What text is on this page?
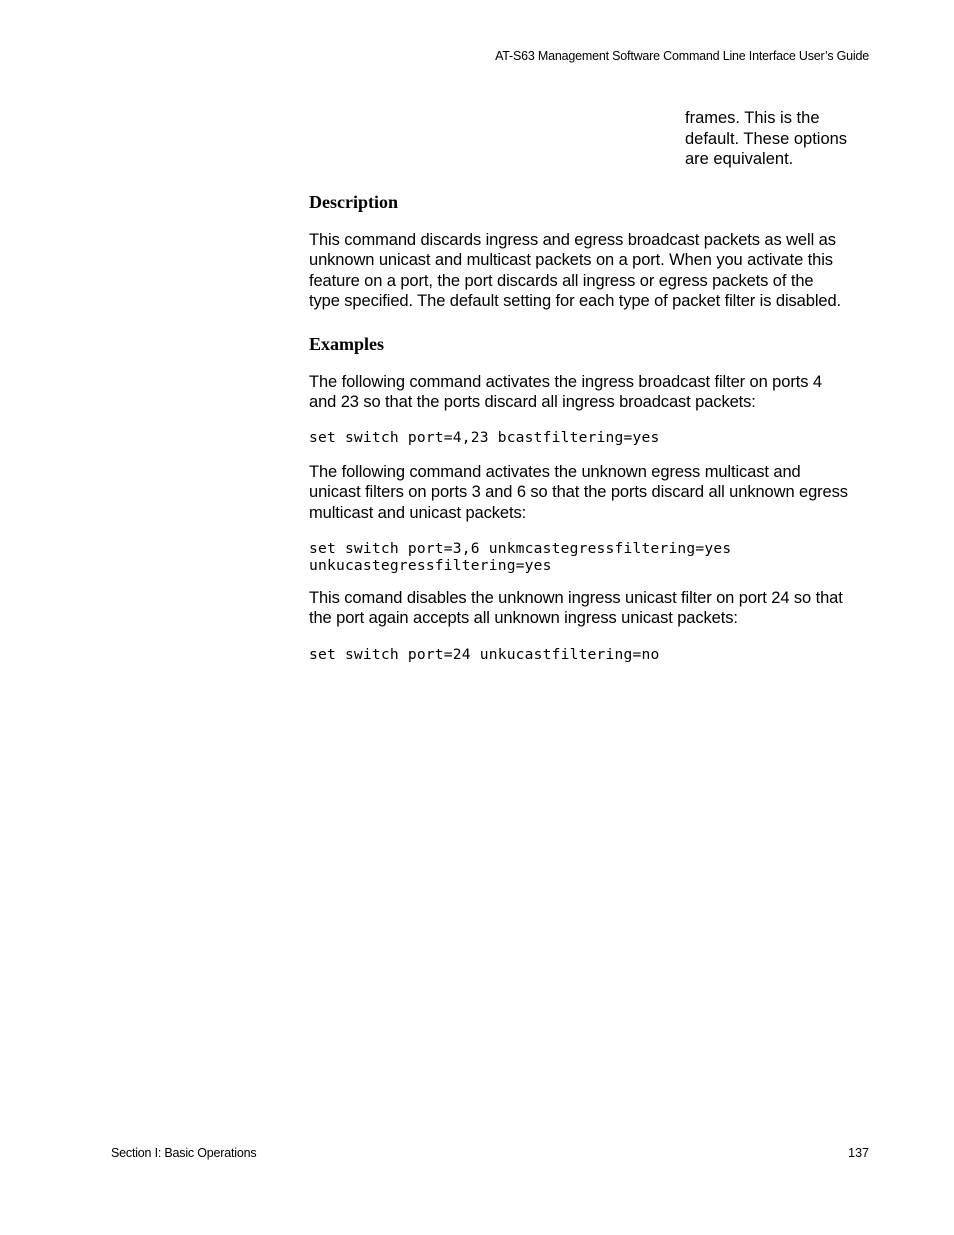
AT-S63 Management Software Command Line Interface User’s Guide
frames. This is the
default. These options
are equivalent.
Description
This command discards ingress and egress broadcast packets as well as
unknown unicast and multicast packets on a port. When you activate this
feature on a port, the port discards all ingress or egress packets of the
type specified. The default setting for each type of packet filter is disabled.
Examples
The following command activates the ingress broadcast filter on ports 4
and 23 so that the ports discard all ingress broadcast packets:
set switch port=4,23 bcastfiltering=yes
The following command activates the unknown egress multicast and
unicast filters on ports 3 and 6 so that the ports discard all unknown egress
multicast and unicast packets:
set switch port=3,6 unkmcastegressfiltering=yes
unkucastegressfiltering=yes
This comand disables the unknown ingress unicast filter on port 24 so that
the port again accepts all unknown ingress unicast packets:
set switch port=24 unkucastfiltering=no
Section I: Basic Operations	137
